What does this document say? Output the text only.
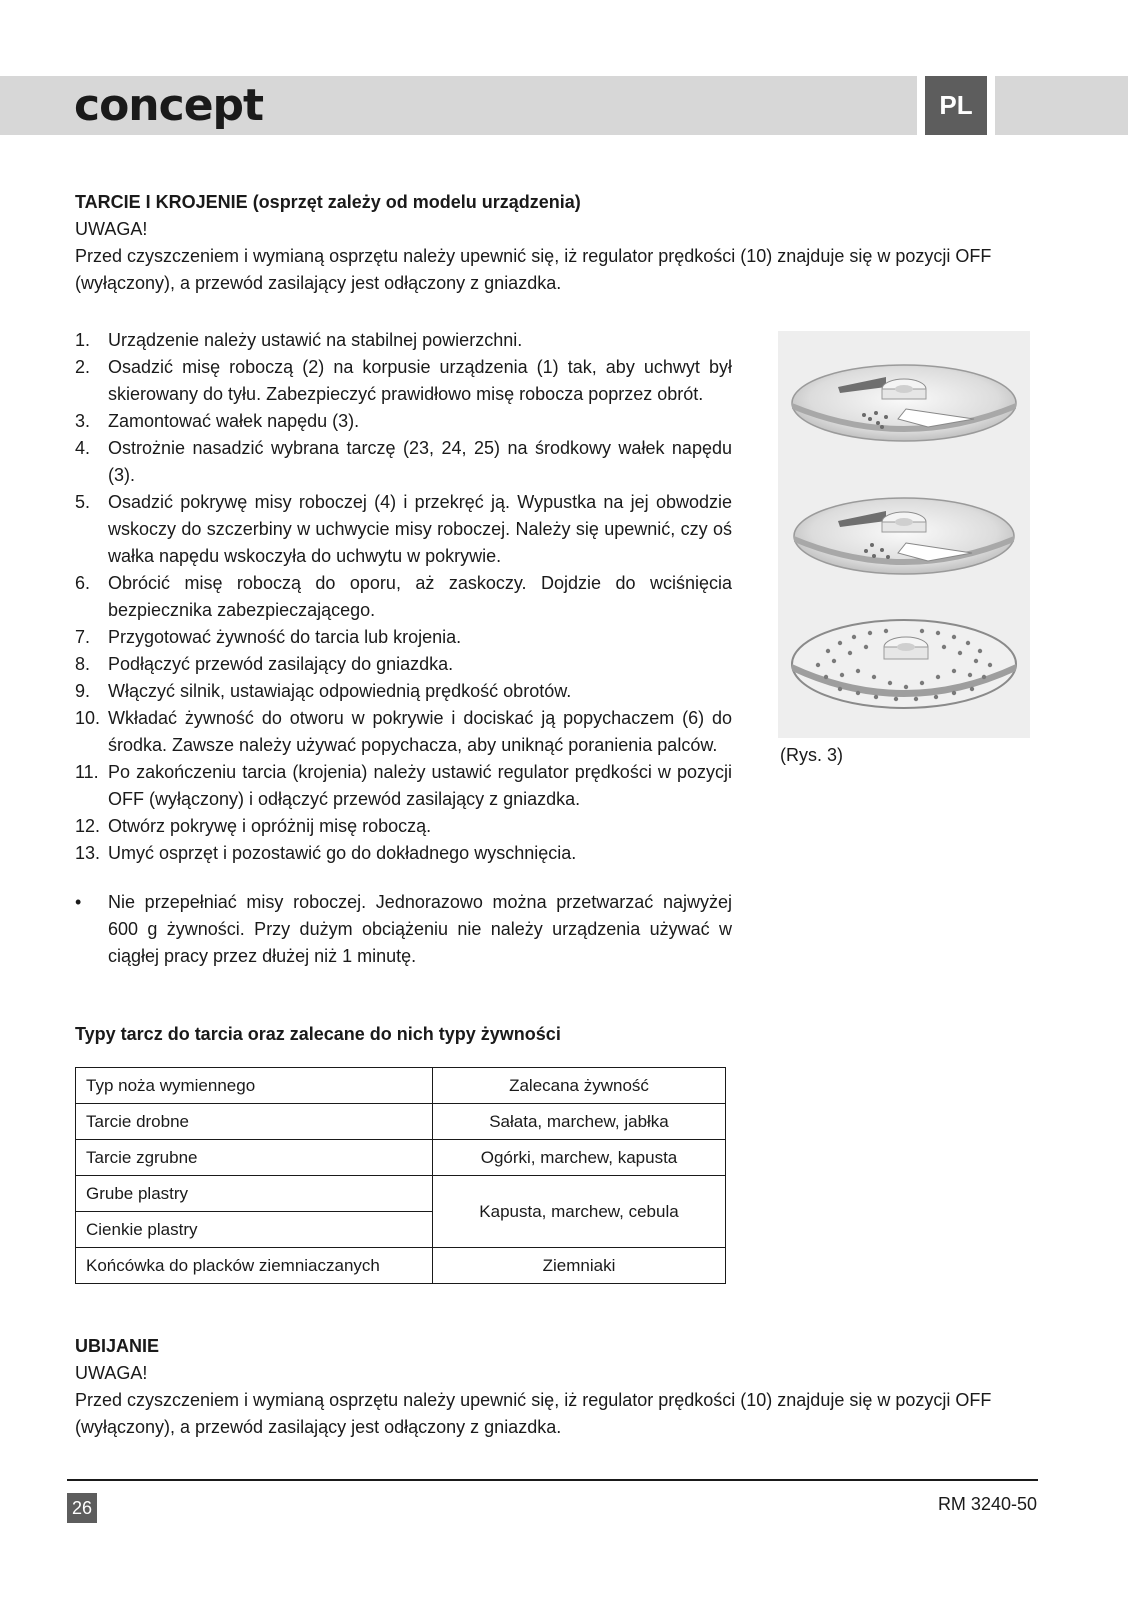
concept	PL

TARCIE I KROJENIE (osprzęt zależy od modelu urządzenia)

UWAGA!

Przed czyszczeniem i wymianą osprzętu należy upewnić się, iż regulator prędkości (10) znajduje się w pozycji OFF (wyłączony), a przewód zasilający jest odłączony z gniazdka.

1. Urządzenie należy ustawić na stabilnej powierzchni.
2. Osadzić misę roboczą (2) na korpusie urządzenia (1) tak, aby uchwyt był skierowany do tyłu. Zabezpieczyć prawidłowo misę robocza poprzez obrót.
3. Zamontować wałek napędu (3).
4. Ostrożnie nasadzić wybrana tarczę (23, 24, 25) na środkowy wałek napędu (3).
5. Osadzić pokrywę misy roboczej (4) i przekręć ją. Wypustka na jej obwodzie wskoczy do szczerbiny w uchwycie misy roboczej. Należy się upewnić, czy oś wałka napędu wskoczyła do uchwytu w pokrywie.
6. Obrócić misę roboczą do oporu, aż zaskoczy. Dojdzie do wciśnięcia bezpiecznika zabezpieczającego.
7. Przygotować żywność do tarcia lub krojenia.
8. Podłączyć przewód zasilający do gniazdka.
9. Włączyć silnik, ustawiając odpowiednią prędkość obrotów.
10. Wkładać żywność do otworu w pokrywie i dociskać ją popychaczem (6) do środka. Zawsze należy używać popychacza, aby uniknąć poranienia palców.
11. Po zakończeniu tarcia (krojenia) należy ustawić regulator prędkości w pozycji OFF (wyłączony) i odłączyć przewód zasilający z gniazdka.
12. Otwórz pokrywę i opróżnij misę roboczą.
13. Umyć osprzęt i pozostawić go do dokładnego wyschnięcia.
• Nie przepełniać misy roboczej. Jednorazowo można przetwarzać najwyżej 600 g żywności. Przy dużym obciążeniu nie należy urządzenia używać w ciągłej pracy przez dłużej niż 1 minutę.
(Rys. 3)
Typy tarcz do tarcia oraz zalecane do nich typy żywności
Typ noża wymiennego	Zalecana żywność
Tarcie drobne	Sałata, marchew, jabłka
Tarcie zgrubne	Ogórki, marchew, kapusta
Grube plastry	Kapusta, marchew, cebula
Cienkie plastry	
Końcówka do placków ziemniaczanych	Ziemniaki

UBIJANIE

UWAGA!

Przed czyszczeniem i wymianą osprzętu należy upewnić się, iż regulator prędkości (10) znajduje się w pozycji OFF (wyłączony), a przewód zasilający jest odłączony z gniazdka.

26	RM 3240-50
